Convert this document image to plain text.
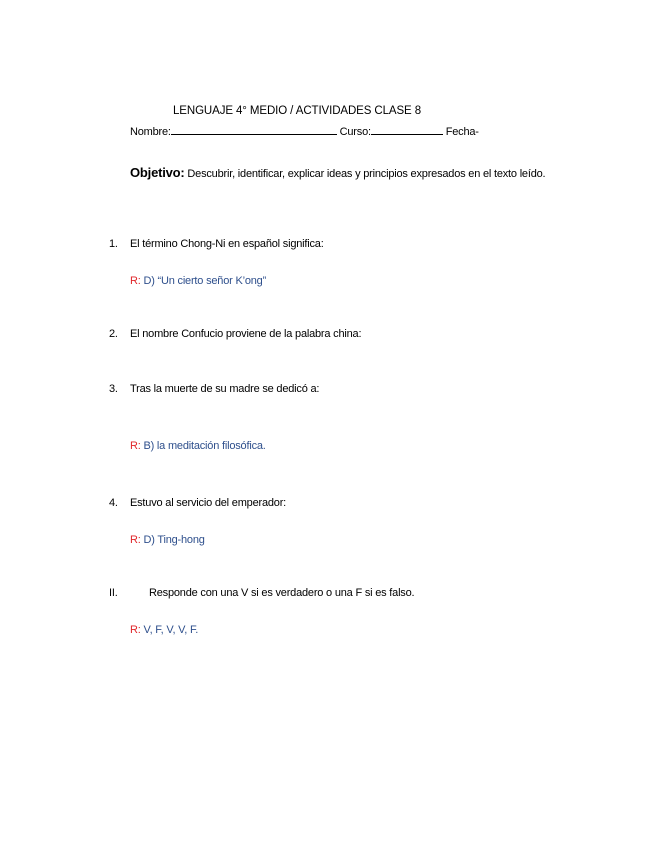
LENGUAJE 4° MEDIO / ACTIVIDADES CLASE 8
Nombre:	Curso:	Fecha-
Objetivo: Descubrir, identificar, explicar ideas y principios expresados en el texto leído.
1. El término Chong-Ni en español significa:
R: D) “Un cierto señor K’ong”
2. El nombre Confucio proviene de la palabra china:
3. Tras la muerte de su madre se dedicó a:
R: B) la meditación filosófica.
4. Estuvo al servicio del emperador:
R: D) Ting-hong
II.	Responde con una V si es verdadero o una F si es falso.
R: V, F, V, V, F.
